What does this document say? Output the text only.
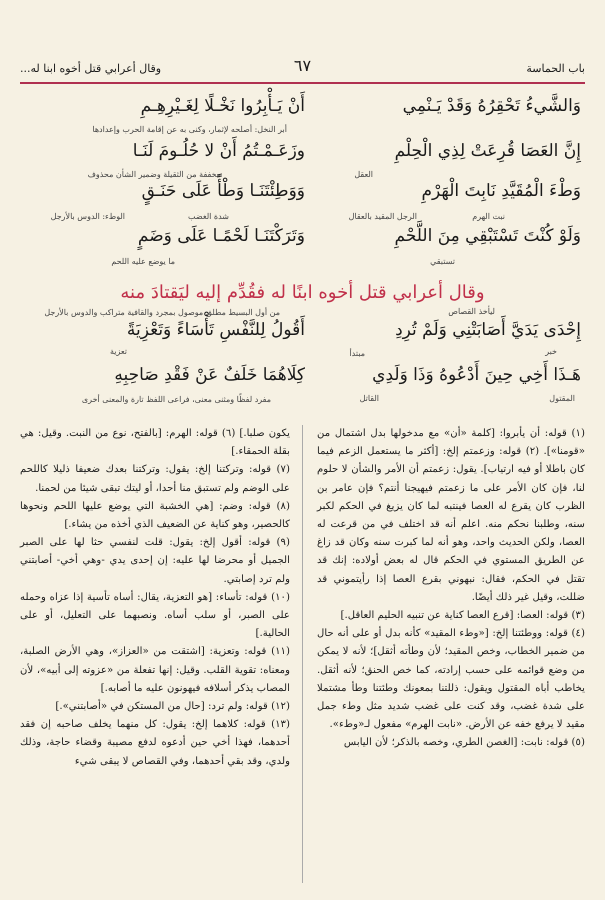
باب الحماسة
٦٧
وقال أعرابي قتل أخوه ابنا له...
أَنْ يَـأْبِرُوا نَخْـلًا لِغَـيْرِهِـمِ	وَالشَّيءُ تَحْقِرُهُ وَقَدْ يَـنْمِي
أبر النخل: أصلحه لإثمار، وكنى به عن إقامة الحرب وإعدادها
وزَعَـمْـتُمُ أَنْ لا حُلُـومَ لَنَـا	إِنَّ العَصَا قُرِعَتْ لِذِي الْحِلْمِ
مخففة من الثقيلة وضمير الشأن محذوف	العقل
وَوَطِئْتَنَـا وَطْأً عَلَى حَنَـقٍ	وَطْءَ الْمُقَيَّدِ نَابِتَ الْهَرْمِ
الوطء: الدوس بالأرجل	شدة الغضب	الرجل المقيد بالعقال	نبت الهرم
وَتَرَكْتَنَـا لَحْمًـا عَلَى وَضَمٍ	وَلَوْ كُنْتَ تَسْتَبْقِي مِنَ اللَّحْمِ
ما يوضع عليه اللحم	تستبقي
وقال أعرابي قتل أخوه ابنًا له فقُدِّم إليه ليَقتادَ منه
من أول البسيط مطلق موصول بمجرد والقافية متراكب والدوس بالأرجل	ليأخذ القصاص
أَقُولُ لِلنَّفْسِ تَأْسَاءً وَتَعْزِيَةً	إِحْدَى يَدَيَّ أَصَابَتْنِي وَلَمْ تُرِدِ
تعزية	خبر
مبتدأ
كِلَاهُمَا خَلَفٌ عَنْ فَقْدِ صَاحِبِهِ	هَـذَا أَخِي حِينَ أَدْعُوهُ وَذَا وَلَدِي
مفرد لفظًا ومثنى معنى، فراعى اللفظ تارة والمعنى أخرى	القاتل	المقتول

(١) قوله: أن يأبروا: [كلمة «أن» مع مدخولها بدل اشتمال من «قومنا»]. (٢) قوله: وزعمتم إلخ: [أكثر ما يستعمل الزعم فيما كان باطلا أو فيه ارتياب]. يقول: زعمتم أن الأمر والشأن لا حلوم لنا، فإن كان الأمر على ما زعمتم فيهيجنا أنتم؟ فإن عامر بن الظرب كان يقرع له العصا فينتبه لما كان يزيغ في الحكم لكبر سنه، وطلبنا نحكم منه. اعلم أنه قد اختلف في من قرعت له العصا، ولكن الحديث واحد، وهو أنه لما كبرت سنه وكان قد زاغ عن الطريق المستوي في الحكم قال له بعض أولاده: إنك قد تقتل في الحكم، فقال: نبهوني بقرع العصا إذا رأيتموني قد ضللت، وقيل غير ذلك أيضًا.

(٣) قوله: العصا: [قرع العصا كناية عن تنبيه الحليم العاقل.]

(٤) قوله: ووطئتنا إلخ: [«وطء المقيد» كأنه بدل أو على أنه حال من ضمير الخطاب، وخص المقيد؛ لأن وطأته أثقل]؛ لأنه لا يمكن من وضع قوائمه على حسب إرادته، كما خص الحنق؛ لأنه أثقل. يخاطب أباه المقتول ويقول: ذللتنا بمعونك وطئتنا وطأ مشتملا على شدة غضب، وقد كنت على غضب شديد مثل وطء جمل مقيد لا يرفع خفه عن الأرض. «نابت الهرم» مفعول لـ«وطء».

(٥) قوله: نابت: [الغصن الطري، وخصه بالذكر؛ لأن اليابس

يكون صلبا.] (٦) قوله: الهرم: [بالفتح، نوع من النبت. وقيل: هي بقلة الحمقاء.]

(٧) قوله: وتركتنا إلخ: يقول: وتركتنا بعدك ضعيفا ذليلا كاللحم على الوضم ولم تستبق منا أحدا، أو ليتك تبقى شيئا من لحمنا.

(٨) قوله: وضم: [هي الخشبة التي يوضع عليها اللحم ونحوها كالحصير، وهو كناية عن الضعيف الذي أخذه من يشاء.]

(٩) قوله: أقول إلخ: يقول: قلت لنفسي حثا لها على الصبر الجميل أو محرضا لها عليه: إن إحدى يدي -وهي أخي- أصابتني ولم ترد إصابتي.

(١٠) قوله: تأساء: [هو التعزية، يقال: أساه تأسية إذا عزاه وحمله على الصبر، أو سلب أساه. ونصبهما على التعليل، أو على الحالية.]

(١١) قوله: وتعزية: [اشتقت من «العزاز»، وهي الأرض الصلبة، ومعناه: تقوية القلب. وقيل: إنها تفعلة من «عزوته إلى أبيه»، لأن المصاب يذكر أسلافه فيهونون عليه ما أصابه.]

(١٢) قوله: ولم ترد: [حال من المستكن في «أصابتني».]

(١٣) قوله: كلاهما إلخ: يقول: كل منهما يخلف صاحبه إن فقد أحدهما، فهذا أخي حين أدعوه لدفع مصيبة وقضاء حاجة، وذلك ولدي، وقد بقي أحدهما، وفي القصاص لا يبقى شيء
